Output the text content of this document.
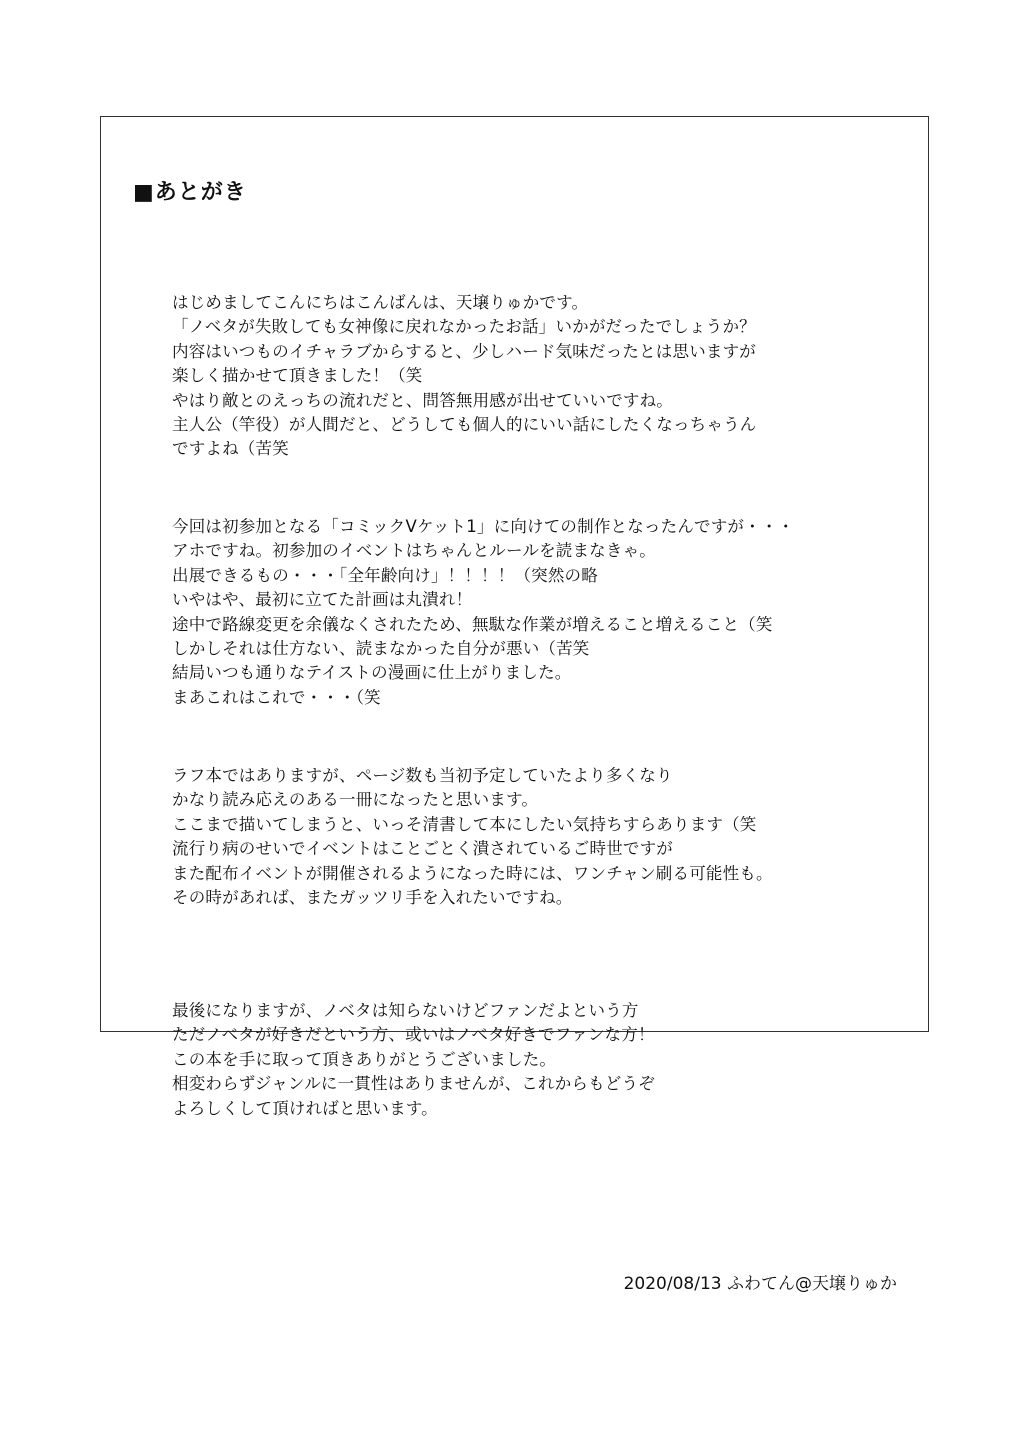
■あとがき
はじめましてこんにちはこんばんは、天壌りゅかです。
「ノベタが失敗しても女神像に戻れなかったお話」いかがだったでしょうか？
内容はいつものイチャラブからすると、少しハード気味だったとは思いますが
楽しく描かせて頂きました！（笑
やはり敵とのえっちの流れだと、問答無用感が出せていいですね。
主人公（竿役）が人間だと、どうしても個人的にいい話にしたくなっちゃうん
ですよね（苦笑
今回は初参加となる「コミックVケット1」に向けての制作となったんですが・・・
アホですね。初参加のイベントはちゃんとルールを読まなきゃ。
出展できるもの・・・「全年齢向け」！！！！（突然の略
いやはや、最初に立てた計画は丸潰れ！
途中で路線変更を余儀なくされたため、無駄な作業が増えること増えること（笑
しかしそれは仕方ない、読まなかった自分が悪い（苦笑
結局いつも通りなテイストの漫画に仕上がりました。
まあこれはこれで・・・（笑
ラフ本ではありますが、ページ数も当初予定していたより多くなり
かなり読み応えのある一冊になったと思います。
ここまで描いてしまうと、いっそ清書して本にしたい気持ちすらあります（笑
流行り病のせいでイベントはことごとく潰されているご時世ですが
また配布イベントが開催されるようになった時には、ワンチャン刷る可能性も。
その時があれば、またガッツリ手を入れたいですね。
最後になりますが、ノベタは知らないけどファンだよという方
ただノベタが好きだという方、或いはノベタ好きでファンな方！
この本を手に取って頂きありがとうございました。
相変わらずジャンルに一貫性はありませんが、これからもどうぞ
よろしくして頂ければと思います。
2020/08/13 ふわてん@天壌りゅか
